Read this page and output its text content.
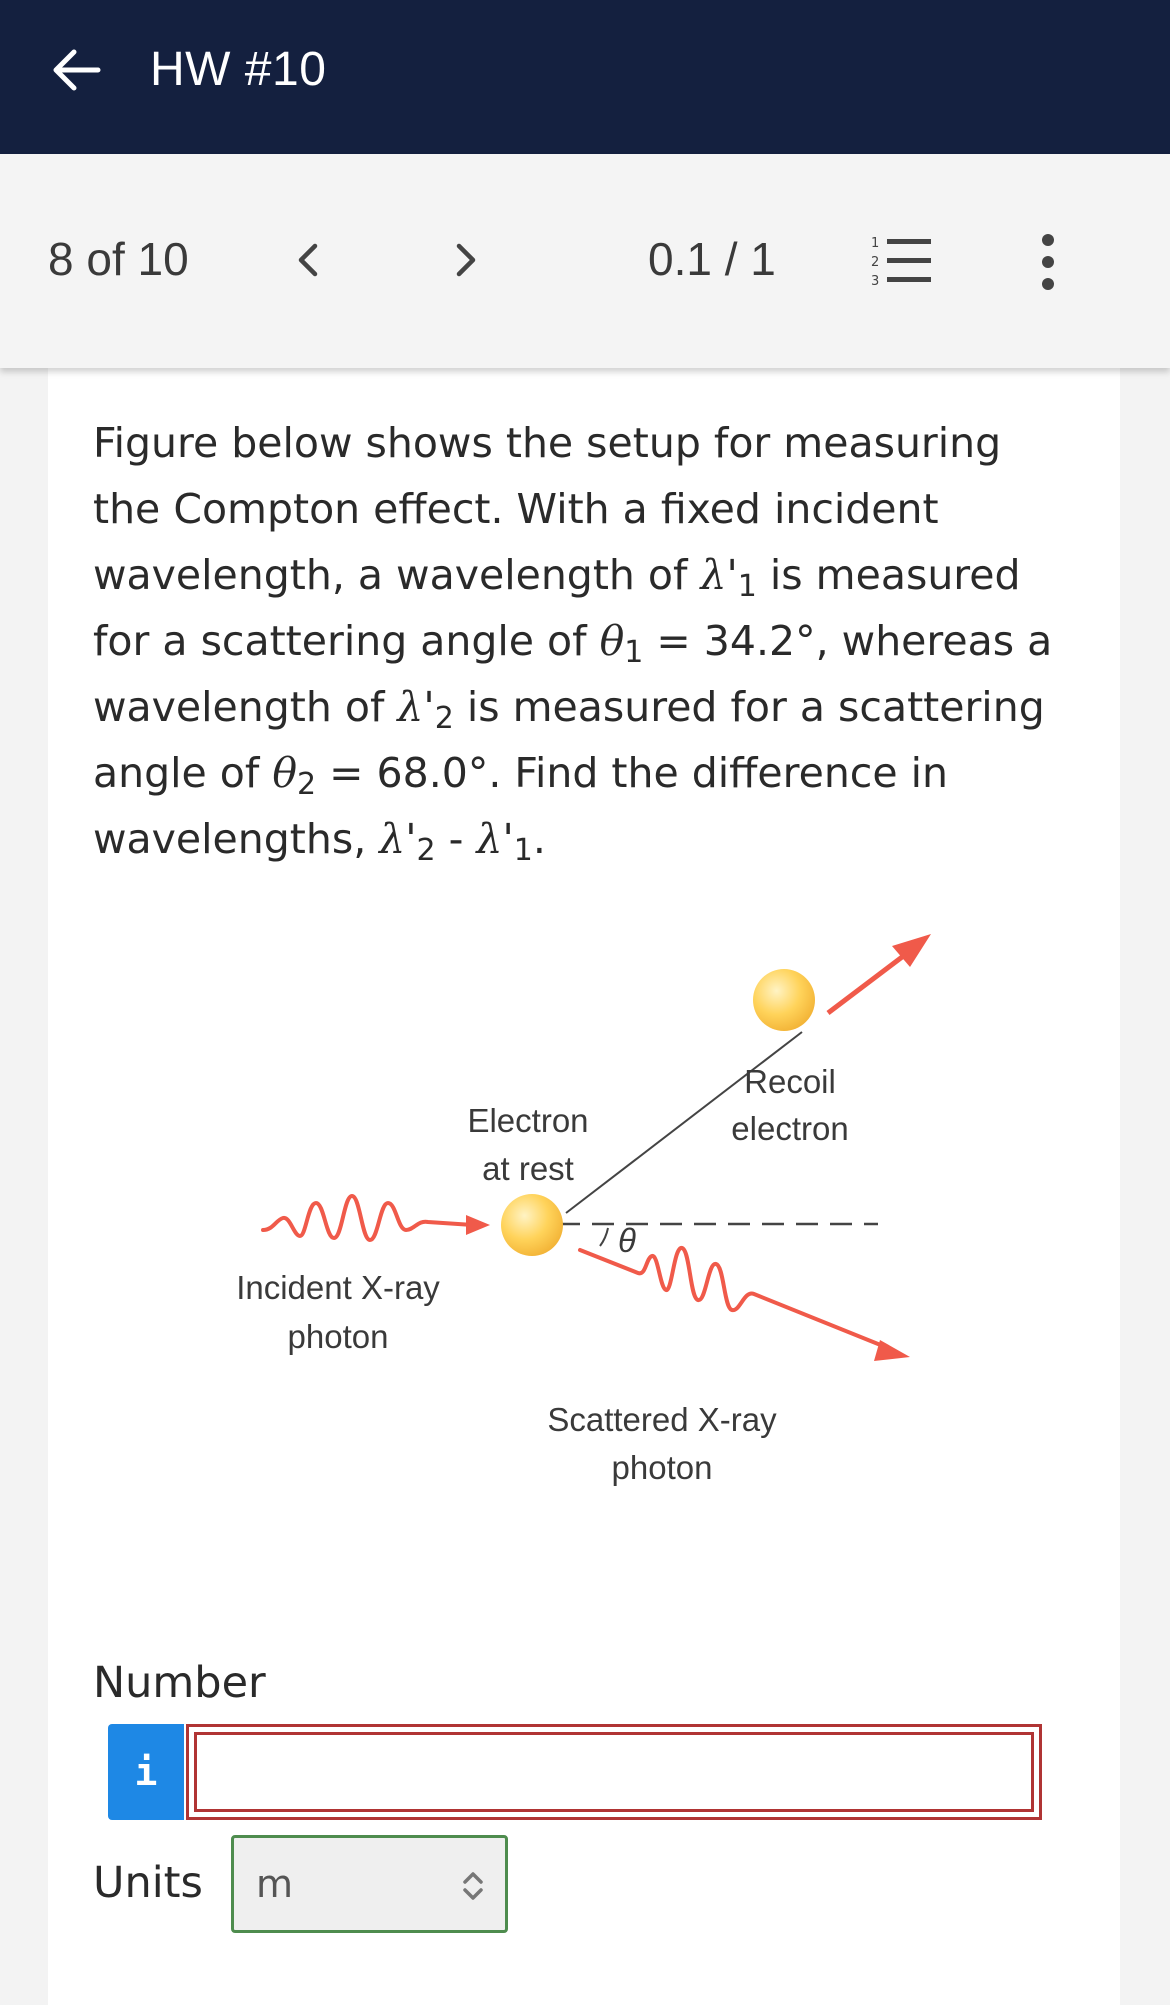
HW #10
8 of 10	0.1 / 1	1
2
3
Figure below shows the setup for measuring
the Compton effect. With a fixed incident
wavelength, a wavelength of $\lambda'_1$ is measured
for a scattering angle of $\theta_1 = 34.2^\circ$, whereas a
wavelength of $\lambda'_2$ is measured for a scattering
angle of $\theta_2 = 68.0^\circ$. Find the difference in
wavelengths, $\lambda'_2 - \lambda'_1$.
θ
Electron
at rest
Recoil
electron
Incident X-ray
photon
Scattered X-ray
photon
Number
i
Units m
